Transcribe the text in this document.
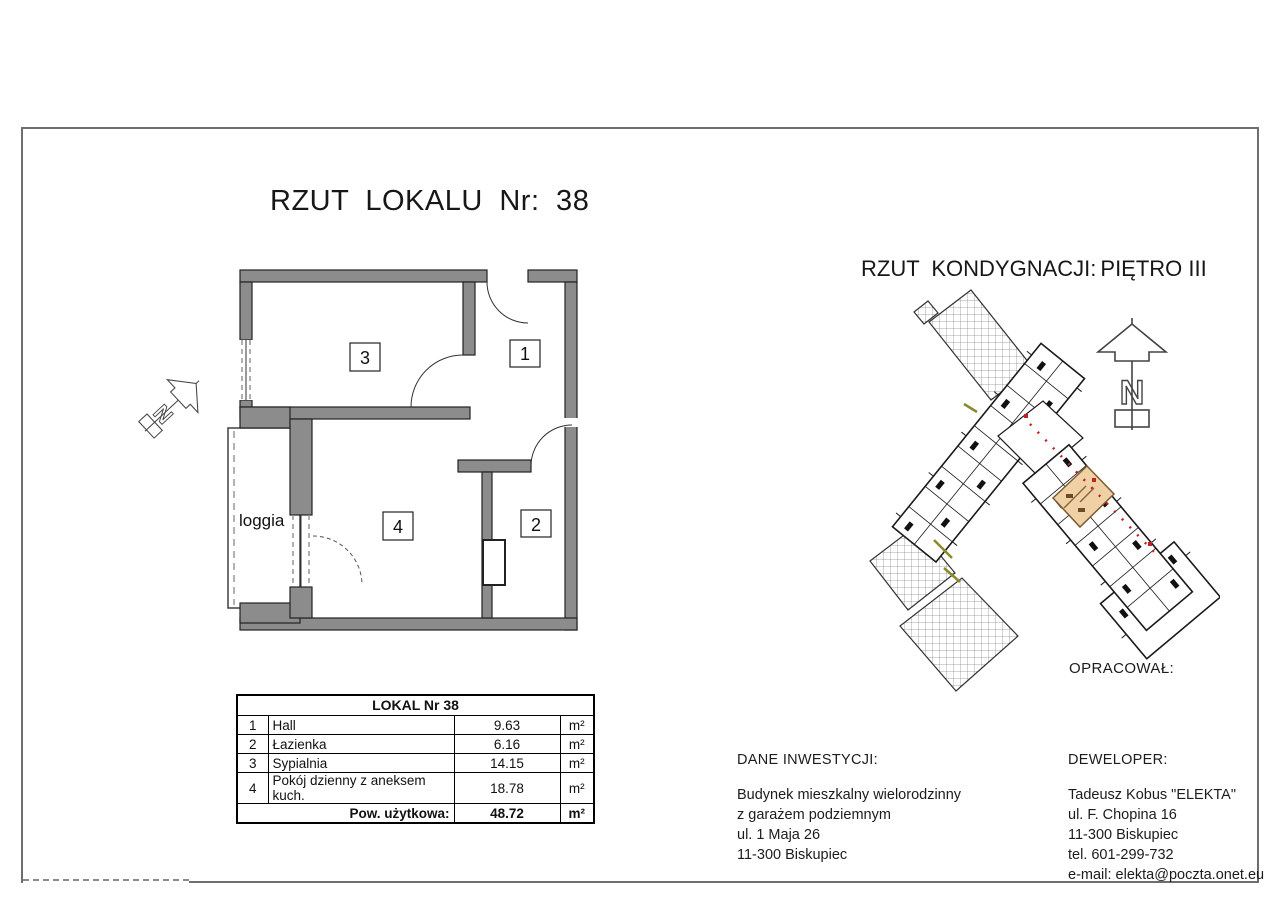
RZUT LOKALU Nr: 38
N
loggia
3	1
4	2
RZUT KONDYGNACJI: PIĘTRO III
N
OPRACOWAŁ:
LOKAL Nr 38			
1	Hall	9.63	m²
2	Łazienka	6.16	m²
3	Sypialnia	14.15	m²
4	Pokój dzienny z aneksem kuch.	18.78	m²
Pow. użytkowa:		48.72	m²

DANE INWESTYCJI:

Budynek mieszkalny wielorodzinny
z garażem podziemnym
ul. 1 Maja 26
11-300 Biskupiec

DEWELOPER:

Tadeusz Kobus "ELEKTA"
ul. F. Chopina 16
11-300 Biskupiec
tel. 601-299-732
e-mail: elekta@poczta.onet.eu
